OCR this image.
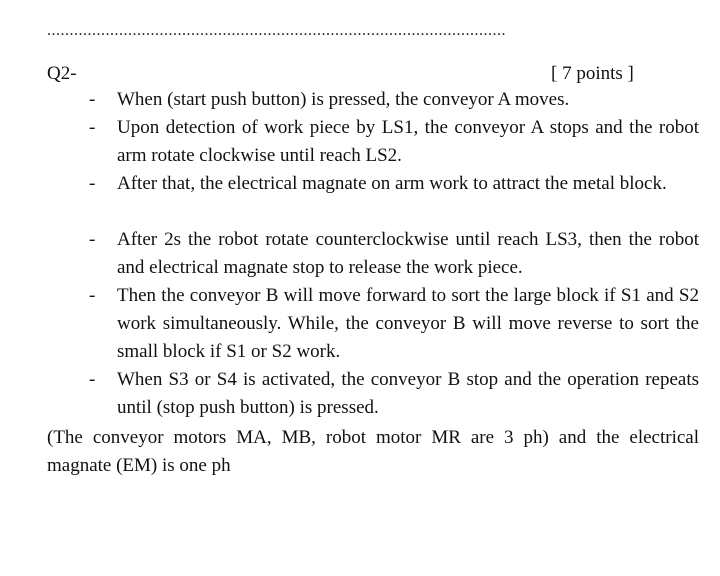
......................................................................................................
Q2-	[ 7 points ]
- When (start push button) is pressed, the conveyor A moves.
- Upon detection of work piece by LS1, the conveyor A stops and the robot arm rotate clockwise until reach LS2.
- After that, the electrical magnate on arm work to attract the metal block.
- After 2s the robot rotate counterclockwise until reach LS3, then the robot and electrical magnate stop to release the work piece.
- Then the conveyor B will move forward to sort the large block if S1 and S2 work simultaneously. While, the conveyor B will move reverse to sort the small block if S1 or S2 work.
- When S3 or S4 is activated, the conveyor B stop and the operation repeats until (stop push button) is pressed.
(The conveyor motors MA, MB, robot motor MR are 3 ph) and the electrical magnate (EM) is one ph
